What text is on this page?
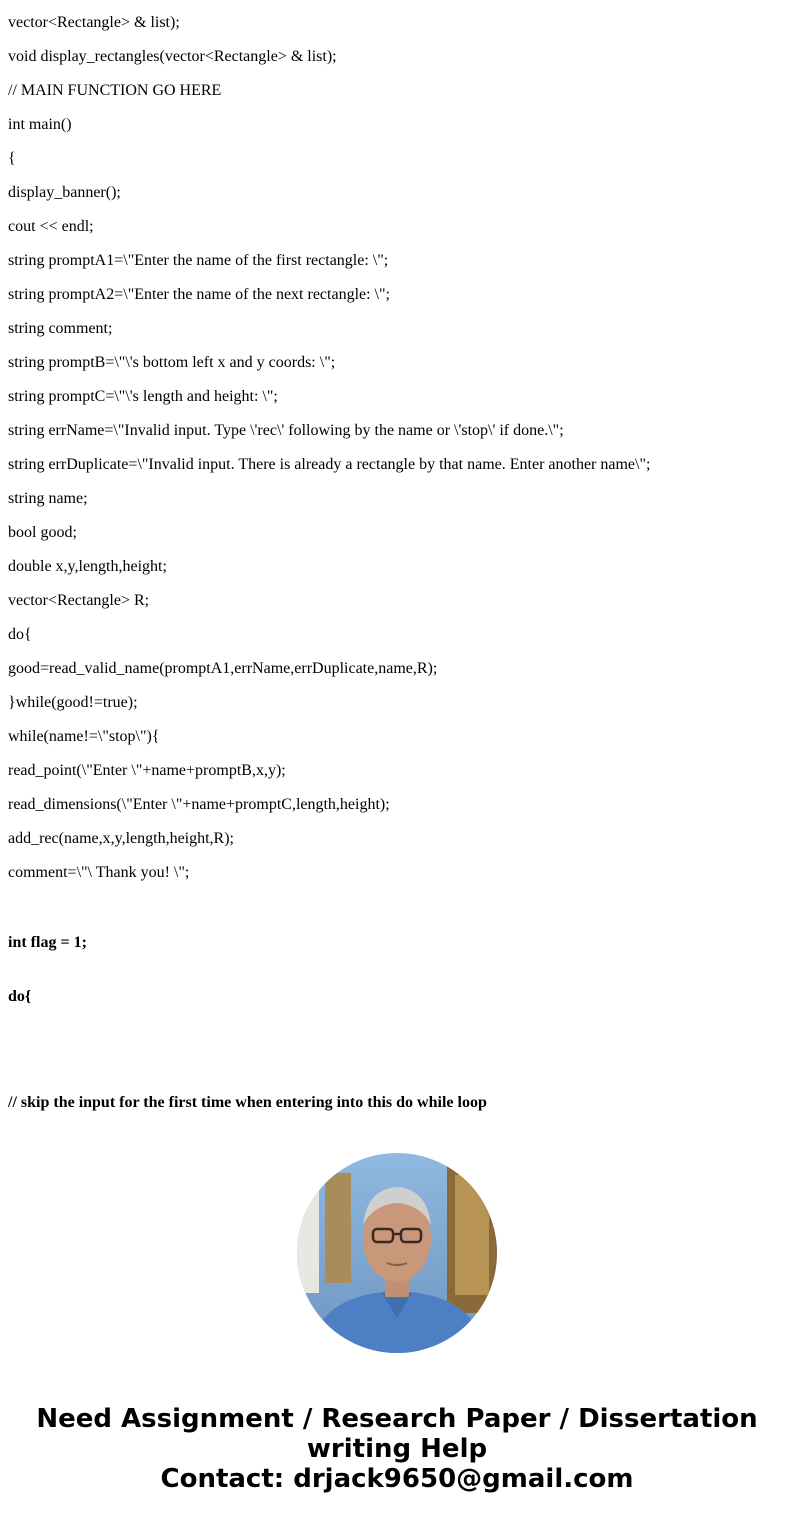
vector<Rectangle> & list);
void display_rectangles(vector<Rectangle> & list);
// MAIN FUNCTION GO HERE
int main()
{
display_banner();
cout << endl;
string promptA1=\"Enter the name of the first rectangle: \";
string promptA2=\"Enter the name of the next rectangle: \";
string comment;
string promptB=\"\'s bottom left x and y coords: \";
string promptC=\"\'s length and height: \";
string errName=\"Invalid input. Type \'rec\' following by the name or \'stop\' if done.\";
string errDuplicate=\"Invalid input. There is already a rectangle by that name. Enter another name\";
string name;
bool good;
double x,y,length,height;
vector<Rectangle> R;
do{
good=read_valid_name(promptA1,errName,errDuplicate,name,R);
}while(good!=true);
while(name!=\"stop\"){
read_point(\"Enter \"+name+promptB,x,y);
read_dimensions(\"Enter \"+name+promptC,length,height);
add_rec(name,x,y,length,height,R);
comment=\"\ Thank you! \";

int flag = 1;

do{

// skip the input for the first time when entering into this do while loop

Need Assignment / Research Paper / Dissertation
writing Help
Contact: drjack9650@gmail.com
